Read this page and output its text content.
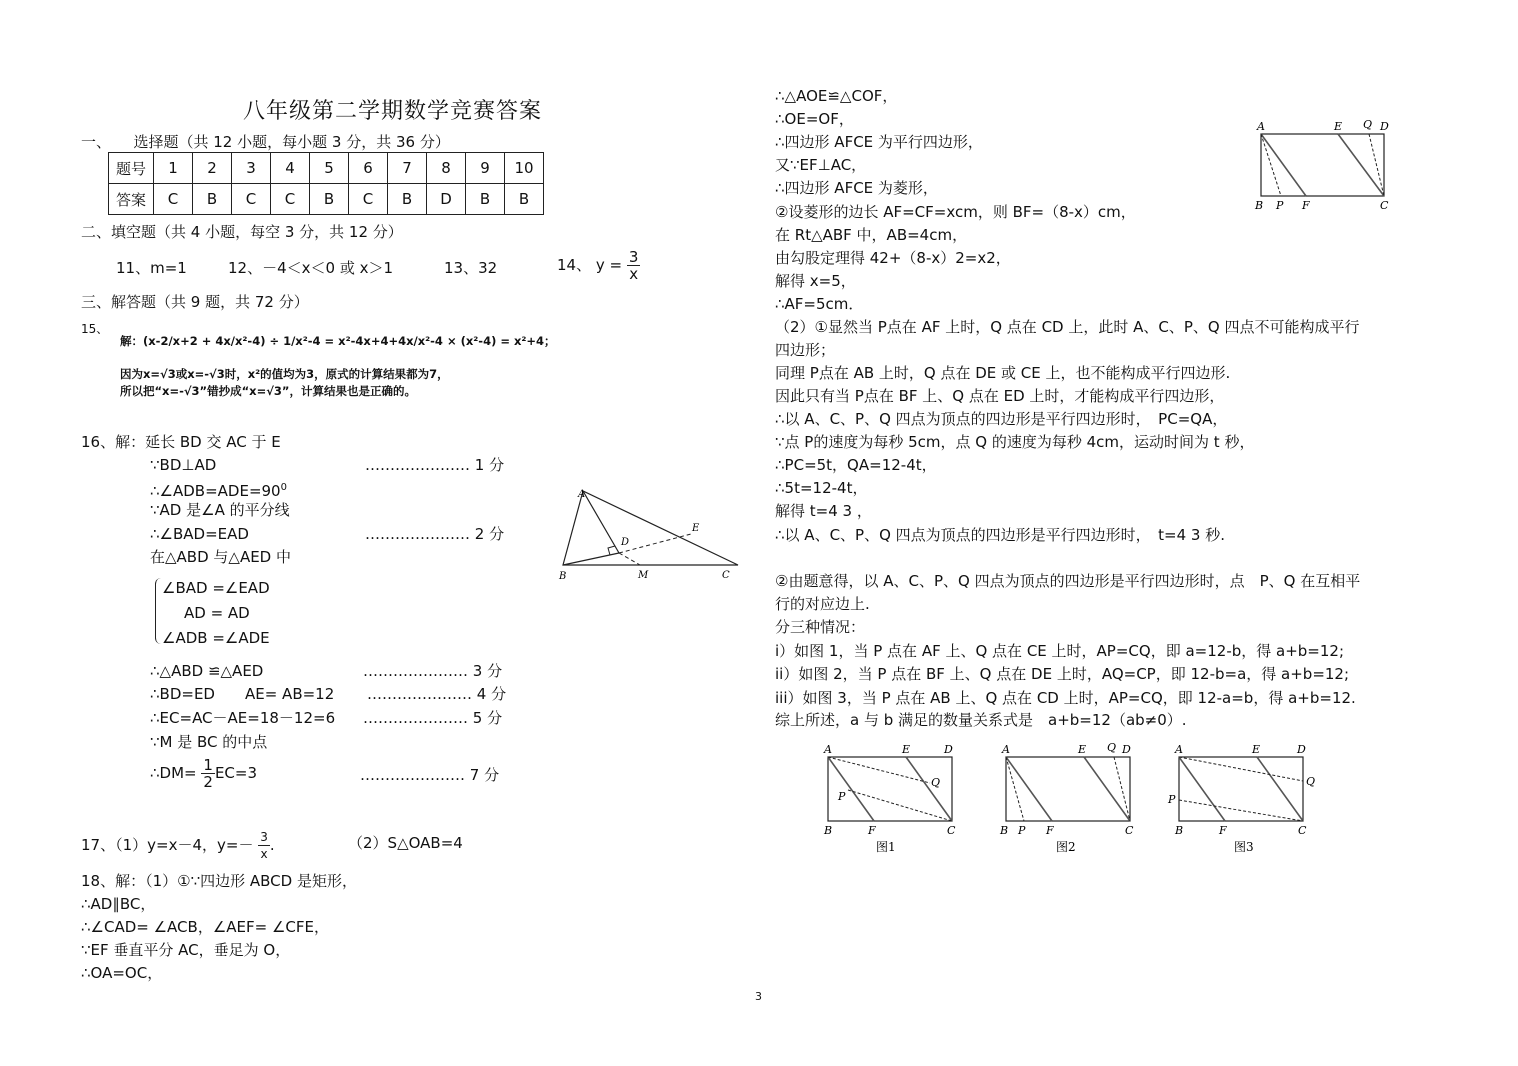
八年级第二学期数学竞赛答案
一、　　选择题（共 12 小题，每小题 3 分，共 36 分）
题号	1	2	3	4	5	6	7	8	9	10
答案	C	B	C	C	B	C	B	D	B	B
二、填空题（共 4 小题，每空 3 分，共 12 分）
11、m=1	12、－4＜x＜0 或 x＞1	13、32	14、 $y = \frac{3}{x}$
三、解答题（共 9 题，共 72 分）
15、
解：(x-2/x+2 + 4x/x²-4) ÷ 1/x²-4 = x²-4x+4+4x/x²-4 × (x²-4) = x²+4；
因为x=√3或x=-√3时，x²的值均为3，原式的计算结果都为7，
所以把“x=-√3”错抄成“x=√3”，计算结果也是正确的。
16、解：延长 BD 交 AC 于 E
∵BD⊥AD	………………… 1 分
$\therefore\angle ADB=ADE=90^0$
∵AD 是∠A 的平分线
∴∠BAD=EAD	………………… 2 分
在△ABD 与△AED 中
∠BAD =∠EAD
AD = AD
∠ADB =∠ADE
∴△ABD ≌△AED	………………… 3 分
∴BD=ED　　AE= AB=12 ………………… 4 分
∴EC=AC－AE=18－12=6 ………………… 5 分
∵M 是 BC 的中点
∴DM= $\frac{1}{2} EC=3$	………………… 7 分
A
B
D
E
M	C
17、（1）y=x－4，$y=- \frac{3}{x}$ .	（2）S△OAB=4
18、解：（1）①∵四边形 ABCD 是矩形，
∴AD∥BC，
∴∠CAD= ∠ACB，∠AEF= ∠CFE，
∵EF 垂直平分 AC，垂足为 O，
∴OA=OC，
∴△AOE≌△COF，
∴OE=OF，
∴四边形 AFCE 为平行四边形，
又∵EF⊥AC，
∴四边形 AFCE 为菱形，
②设菱形的边长 AF=CF=xcm，则 BF=（8-x）cm，
在 Rt△ABF 中，AB=4cm，
由勾股定理得 42+（8-x）2=x2，
解得 x=5，
∴AF=5cm．
（2）①显然当 P点在 AF 上时，Q 点在 CD 上，此时 A、C、P、Q 四点不可能构成平行
四边形；
同理 P点在 AB 上时，Q 点在 DE 或 CE 上，也不能构成平行四边形.
因此只有当 P点在 BF 上、Q 点在 ED 上时，才能构成平行四边形，
∴以 A、C、P、Q 四点为顶点的四边形是平行四边形时，　PC=QA，
∵点 P的速度为每秒 5cm，点 Q 的速度为每秒 4cm，运动时间为 t 秒，
∴PC=5t，QA=12-4t，
∴5t=12-4t，
解得 t=4 3 ，
∴以 A、C、P、Q 四点为顶点的四边形是平行四边形时，　t=4 3 秒.
②由题意得，以 A、C、P、Q 四点为顶点的四边形是平行四边形时，点　P、Q 在互相平
行的对应边上.
分三种情况：
i）如图 1，当 P 点在 AF 上、Q 点在 CE 上时，AP=CQ，即 a=12-b，得 a+b=12;
ii）如图 2，当 P 点在 BF 上、Q 点在 DE 上时，AQ=CP，即 12-b=a，得 a+b=12;
iii）如图 3，当 P 点在 AB 上、Q 点在 CD 上时，AP=CQ，即 12-a=b，得 a+b=12.
综上所述，a 与 b 满足的数量关系式是　a+b=12（ab≠0）.
A	E Q D
B P F	C
A	E	D
Q
P
B	F	C
图1
A	E Q D
B P F	C
图2
A	E	D
Q
P
B	F	C
图3
3
